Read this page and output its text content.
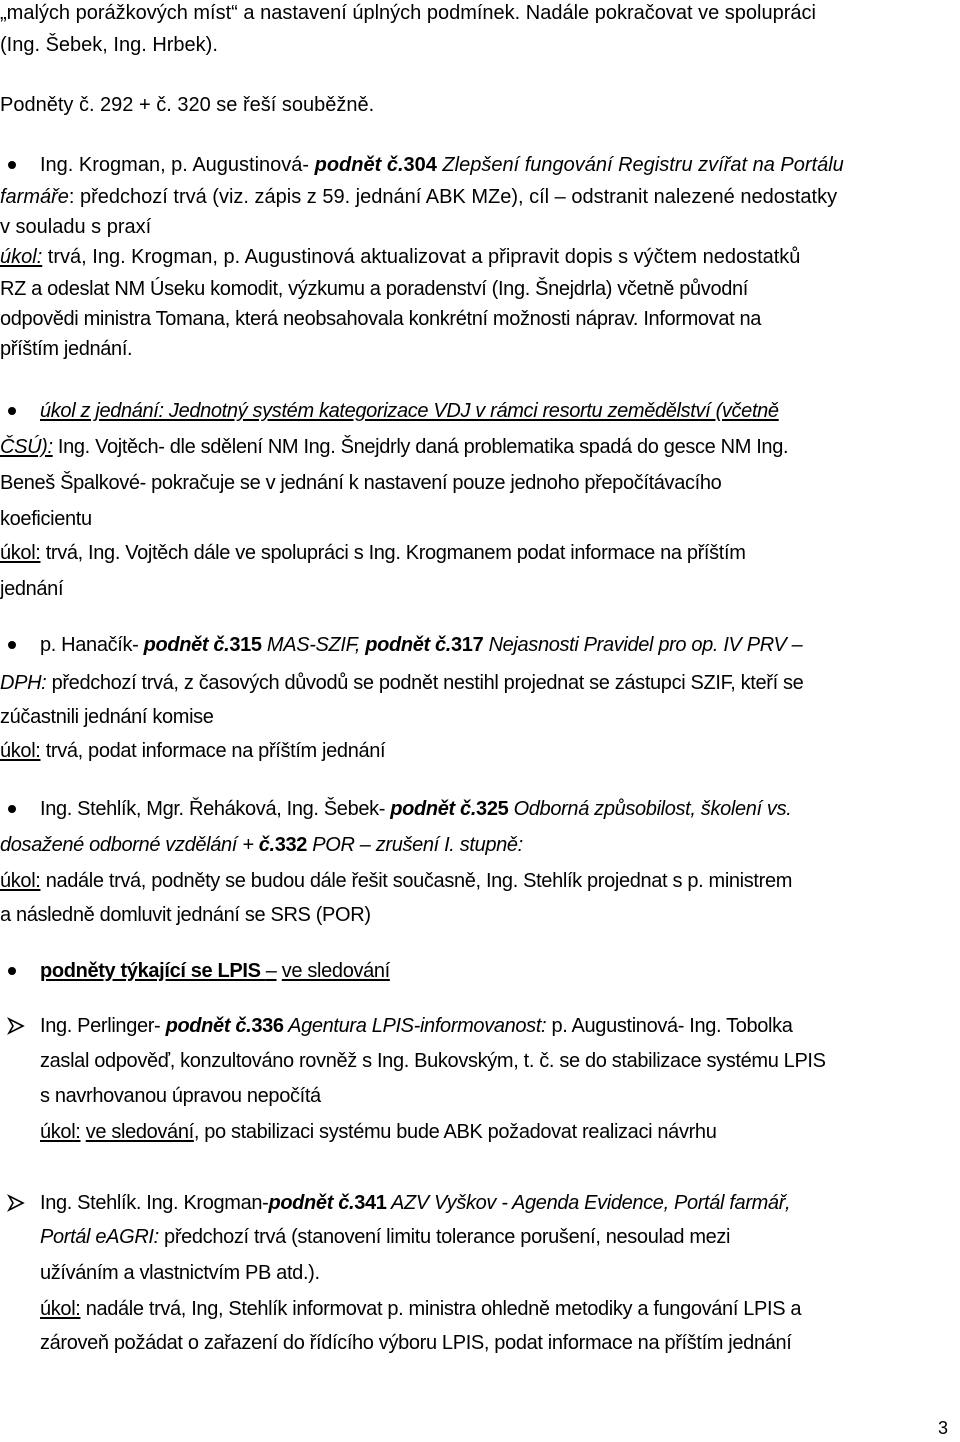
„malých porážkových míst“ a nastavení úplných podmínek. Nadále pokračovat ve spolupráci
(Ing. Šebek, Ing. Hrbek).
Podněty č. 292 + č. 320 se řeší souběžně.
Ing. Krogman, p. Augustinová- podnět č.304 Zlepšení fungování Registru zvířat na Portálu
farmáře: předchozí trvá (viz. zápis z 59. jednání ABK MZe), cíl – odstranit nalezené nedostatky
v souladu s praxí
úkol: trvá, Ing. Krogman, p. Augustinová aktualizovat a připravit dopis s výčtem nedostatků
RZ a odeslat NM Úseku komodit, výzkumu a poradenství (Ing. Šnejdrla) včetně původní
odpovědi ministra Tomana, která neobsahovala konkrétní možnosti náprav. Informovat na
příštím jednání.
úkol z jednání: Jednotný systém kategorizace VDJ v rámci resortu zemědělství (včetně
ČSÚ): Ing. Vojtěch- dle sdělení NM Ing. Šnejdrly daná problematika spadá do gesce NM Ing.
Beneš Špalkové- pokračuje se v jednání k nastavení pouze jednoho přepočítávacího
koeficientu
úkol: trvá, Ing. Vojtěch dále ve spolupráci s Ing. Krogmanem podat informace na příštím
jednání
p. Hanačík- podnět č.315 MAS-SZIF, podnět č.317 Nejasnosti Pravidel pro op. IV PRV –
DPH: předchozí trvá, z časových důvodů se podnět nestihl projednat se zástupci SZIF, kteří se
zúčastnili jednání komise
úkol: trvá, podat informace na příštím jednání
Ing. Stehlík, Mgr. Řeháková, Ing. Šebek- podnět č.325 Odborná způsobilost, školení vs.
dosažené odborné vzdělání + č.332 POR – zrušení I. stupně:
úkol: nadále trvá, podněty se budou dále řešit současně, Ing. Stehlík projednat s p. ministrem
a následně domluvit jednání se SRS (POR)
podněty týkající se LPIS – ve sledování
Ing. Perlinger- podnět č.336 Agentura LPIS-informovanost: p. Augustinová- Ing. Tobolka
zaslal odpověď, konzultováno rovněž s Ing. Bukovským, t. č. se do stabilizace systému LPIS
s navrhovanou úpravou nepočítá
úkol: ve sledování, po stabilizaci systému bude ABK požadovat realizaci návrhu
Ing. Stehlík. Ing. Krogman-podnět č.341 AZV Vyškov - Agenda Evidence, Portál farmář,
Portál eAGRI: předchozí trvá (stanovení limitu tolerance porušení, nesoulad mezi
užíváním a vlastnictvím PB atd.).
úkol: nadále trvá, Ing, Stehlík informovat p. ministra ohledně metodiky a fungování LPIS a
zároveň požádat o zařazení do řídícího výboru LPIS, podat informace na příštím jednání
3
